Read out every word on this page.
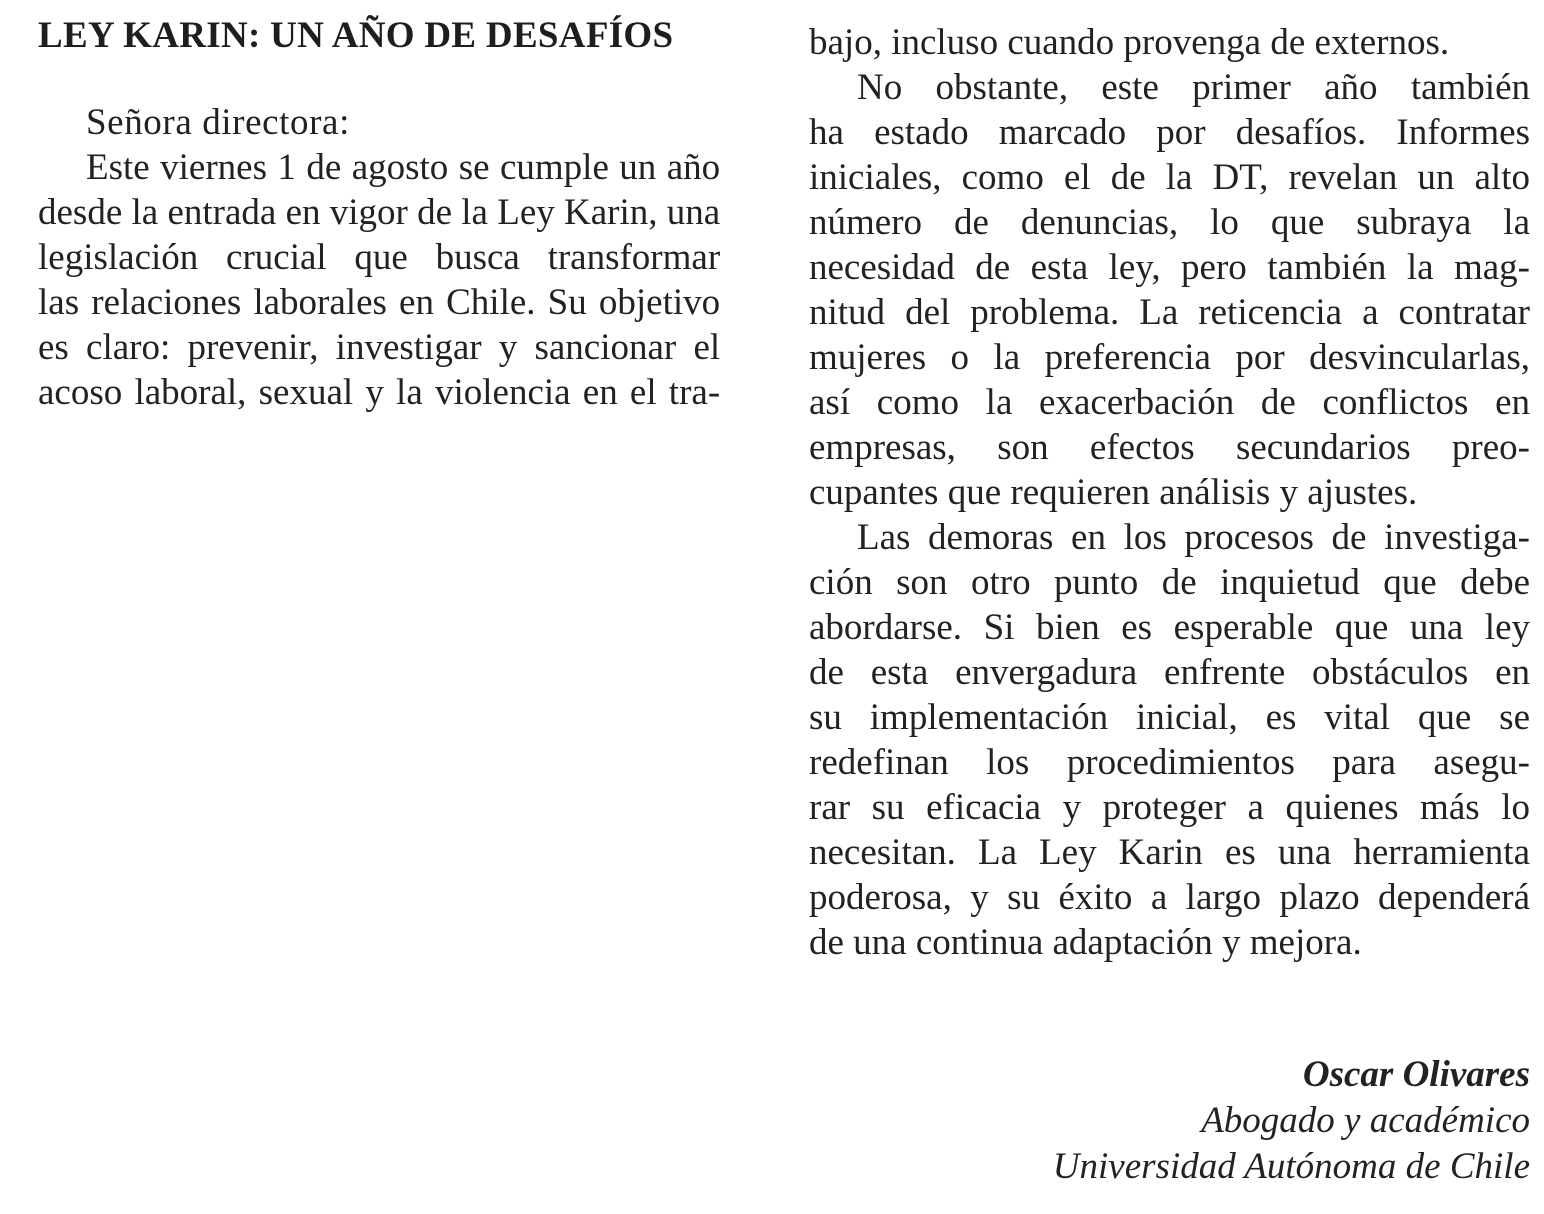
LEY KARIN: UN AÑO DE DESAFÍOS

Señora directora:

Este viernes 1 de agosto se cumple un año
desde la entrada en vigor de la Ley Karin, una
legislación crucial que busca transformar
las relaciones laborales en Chile. Su objetivo
es claro: prevenir, investigar y sancionar el
acoso laboral, sexual y la violencia en el tra-
bajo, incluso cuando provenga de externos.
No obstante, este primer año también
ha estado marcado por desafíos. Informes
iniciales, como el de la DT, revelan un alto
número de denuncias, lo que subraya la
necesidad de esta ley, pero también la mag-
nitud del problema. La reticencia a contratar
mujeres o la preferencia por desvincularlas,
así como la exacerbación de conflictos en
empresas, son efectos secundarios preo-
cupantes que requieren análisis y ajustes.
Las demoras en los procesos de investiga-
ción son otro punto de inquietud que debe
abordarse. Si bien es esperable que una ley
de esta envergadura enfrente obstáculos en
su implementación inicial, es vital que se
redefinan los procedimientos para asegu-
rar su eficacia y proteger a quienes más lo
necesitan. La Ley Karin es una herramienta
poderosa, y su éxito a largo plazo dependerá
de una continua adaptación y mejora.
Oscar Olivares
Abogado y académico
Universidad Autónoma de Chile
